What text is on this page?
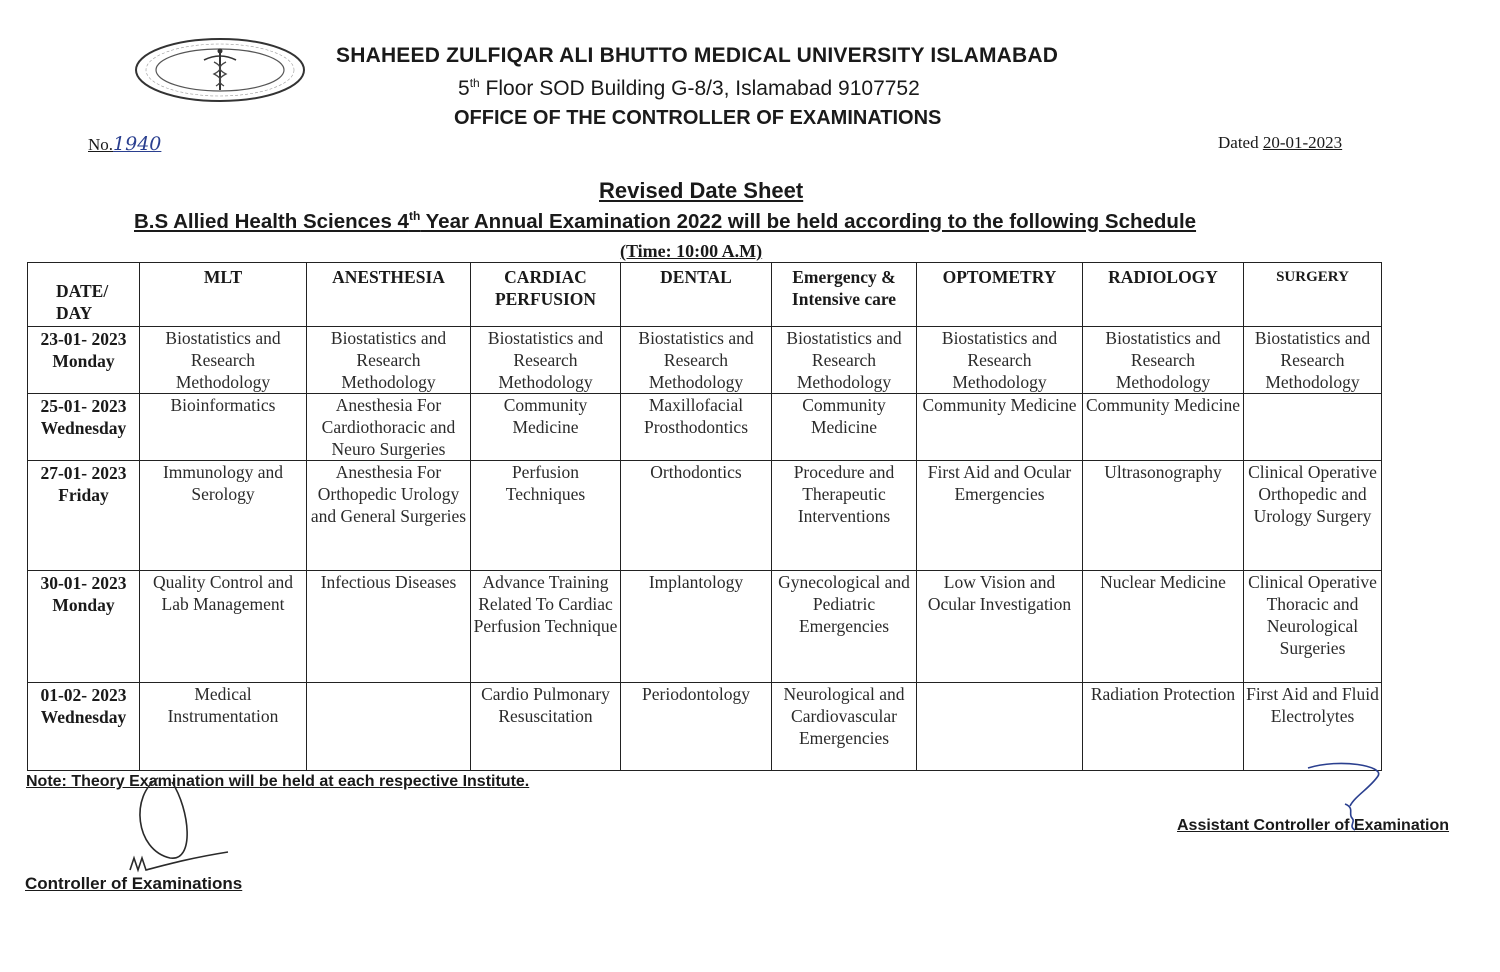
SHAHEED ZULFIQAR ALI BHUTTO MEDICAL UNIVERSITY ISLAMABAD
5th Floor SOD Building G-8/3, Islamabad 9107752
OFFICE OF THE CONTROLLER OF EXAMINATIONS
No.1940	Dated 20-01-2023
Revised Date Sheet
B.S Allied Health Sciences 4th Year Annual Examination 2022 will be held according to the following Schedule
(Time: 10:00 A.M)
DATE/ DAY	MLT	ANESTHESIA	CARDIAC PERFUSION	DENTAL	Emergency & Intensive care	OPTOMETRY	RADIOLOGY	SURGERY

23-01- 2023
Monday	Biostatistics and Research Methodology	Biostatistics and Research Methodology	Biostatistics and Research Methodology	Biostatistics and Research Methodology	Biostatistics and Research Methodology	Biostatistics and Research Methodology	Biostatistics and Research Methodology	Biostatistics and Research Methodology

25-01- 2023
Wednesday	Bioinformatics	Anesthesia For Cardiothoracic and Neuro Surgeries	Community Medicine	Maxillofacial Prosthodontics	Community Medicine	Community Medicine	Community Medicine	

27-01- 2023
Friday	Immunology and Serology	Anesthesia For Orthopedic Urology and General Surgeries	Perfusion Techniques	Orthodontics	Procedure and Therapeutic Interventions	First Aid and Ocular Emergencies	Ultrasonography	Clinical Operative Orthopedic and Urology Surgery

30-01- 2023
Monday	Quality Control and Lab Management	Infectious Diseases	Advance Training Related To Cardiac Perfusion Technique	Implantology	Gynecological and Pediatric Emergencies	Low Vision and Ocular Investigation	Nuclear Medicine	Clinical Operative Thoracic and Neurological Surgeries

01-02- 2023
Wednesday	Medical Instrumentation		Cardio Pulmonary Resuscitation	Periodontology	Neurological and Cardiovascular Emergencies		Radiation Protection	First Aid and Fluid Electrolytes
Note: Theory Examination will be held at each respective Institute.
Assistant Controller of Examination
Controller of Examinations
